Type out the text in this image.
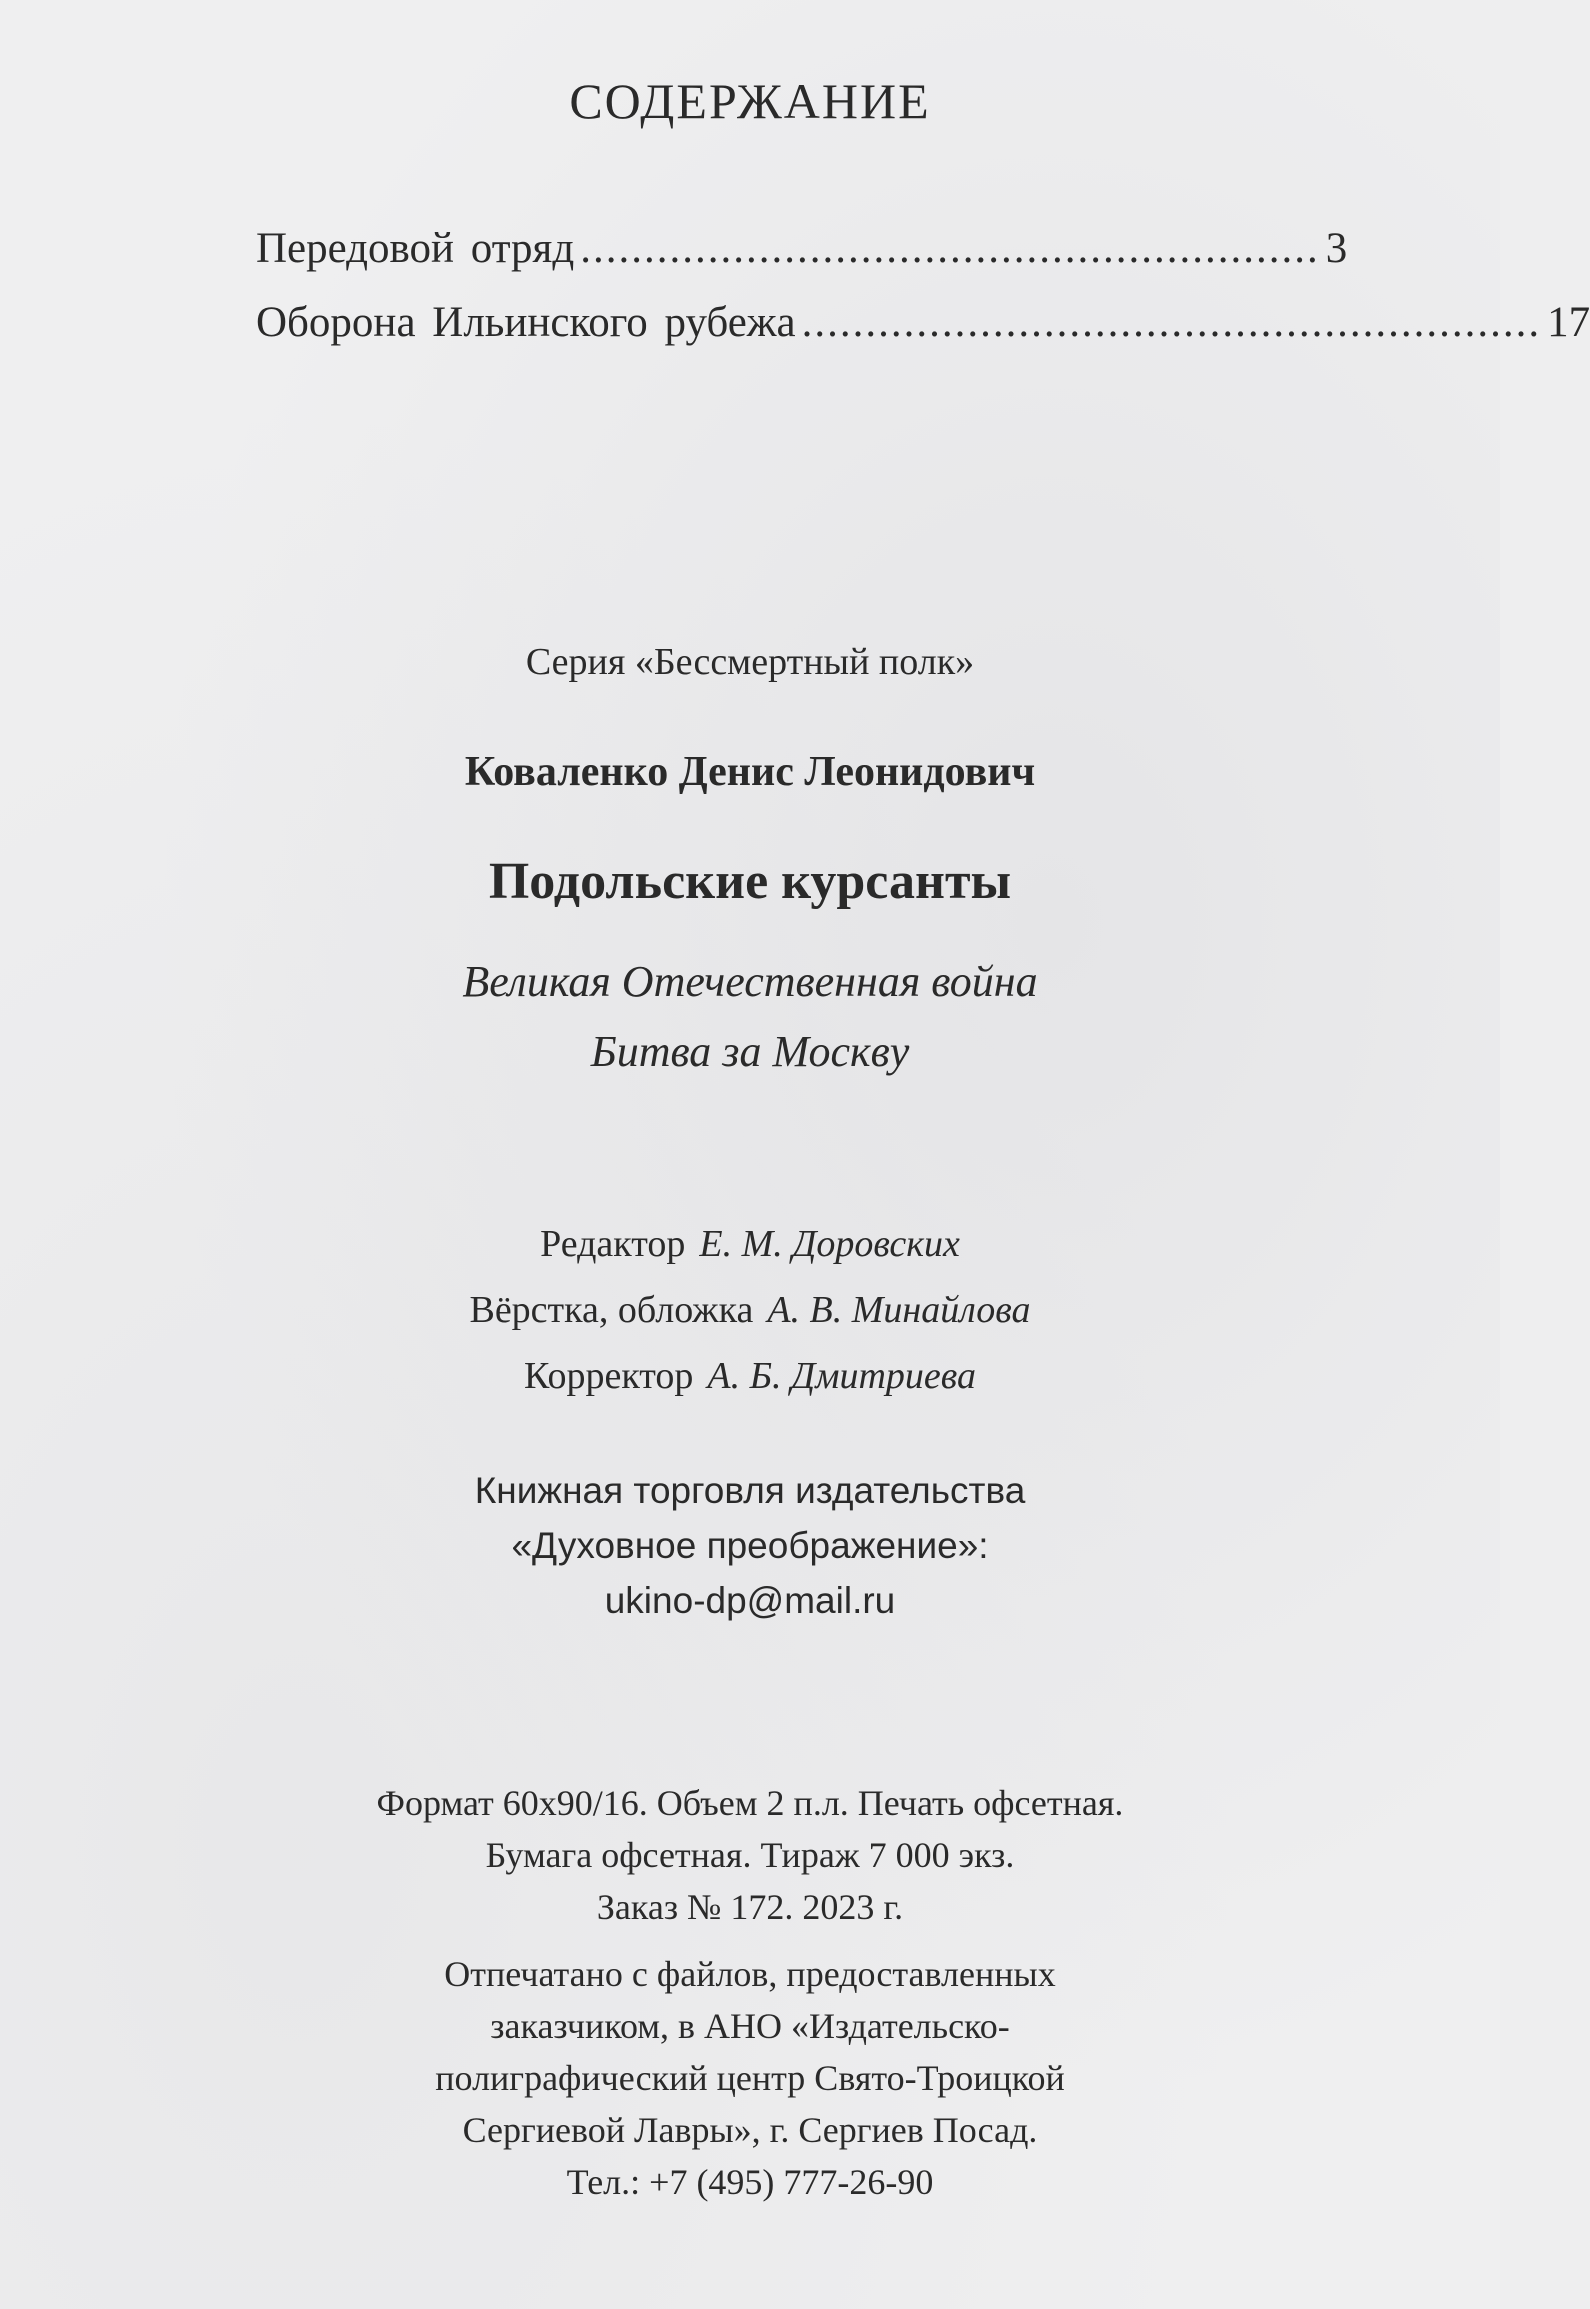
СОДЕРЖАНИЕ
Передовой отряд .......................................................... 3
Оборона Ильинского рубежа .......................................................... 17
Серия «Бессмертный полк»
Коваленко Денис Леонидович
Подольские курсанты
Великая Отечественная война
Битва за Москву
Редактор Е. М. Доровских
Вёрстка, обложка А. В. Минайлова
Корректор А. Б. Дмитриева
Книжная торговля издательства
«Духовное преображение»:
ukino-dp@mail.ru
Формат 60х90/16. Объем 2 п.л. Печать офсетная.
Бумага офсетная. Тираж 7 000 экз.
Заказ № 172. 2023 г.
Отпечатано с файлов, предоставленных
заказчиком, в АНО «Издательско-
полиграфический центр Свято-Троицкой
Сергиевой Лавры», г. Сергиев Посад.
Тел.: +7 (495) 777-26-90
